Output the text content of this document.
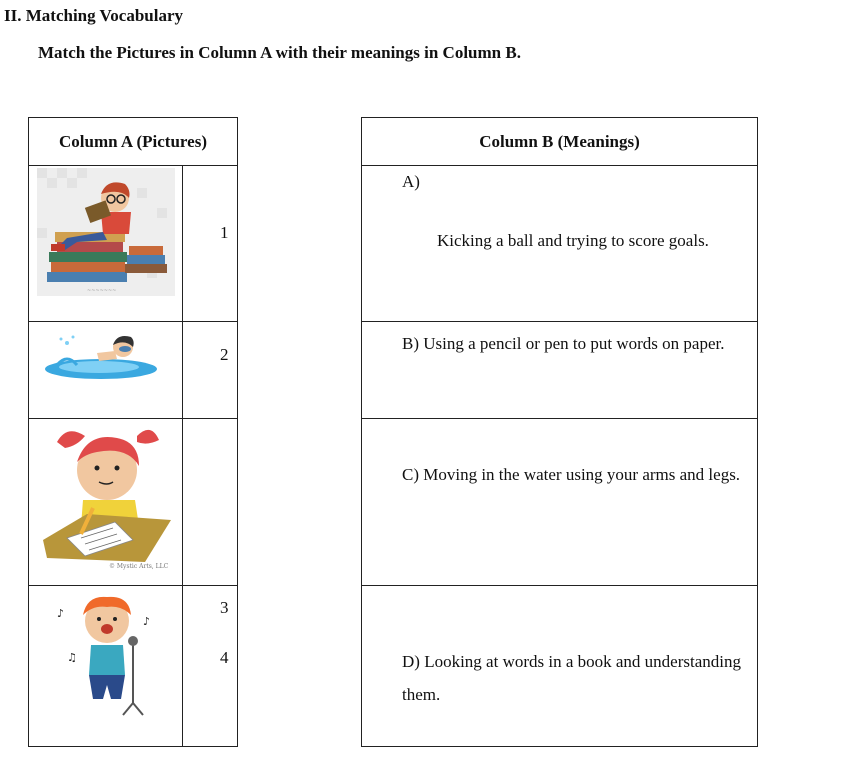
II. Matching Vocabulary
Match the Pictures in Column A with their meanings in Column B.
Column A (Pictures)
~~~~~~~
1
2
© Mystic Arts, LLC
3
♪
♪
♫	4
Column B (Meanings)
A)
Kicking a ball and trying to score goals.
B) Using a pencil or pen to put words on paper.
C) Moving in the water using your arms and legs.
D) Looking at words in a book and understanding them.
